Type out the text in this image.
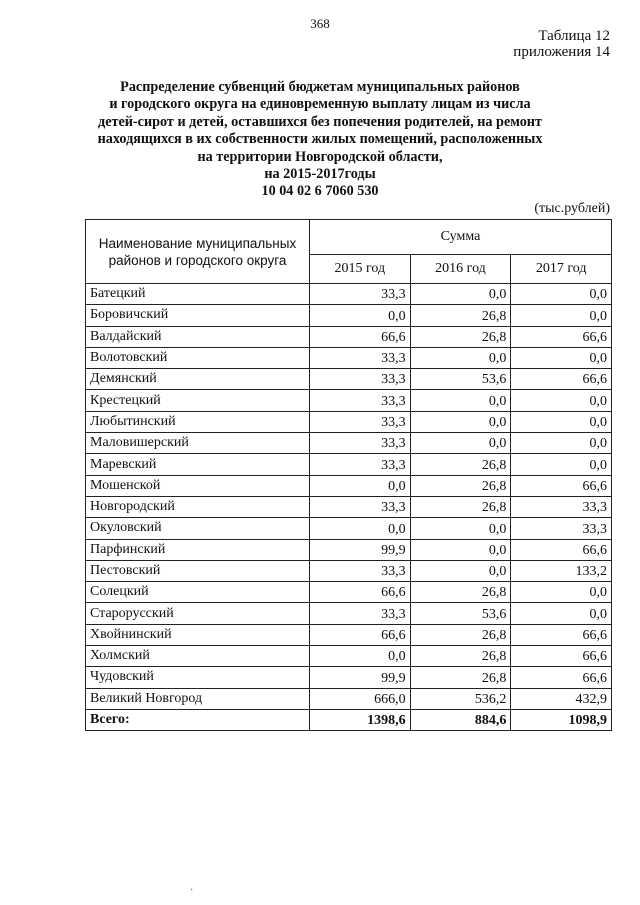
368
Таблица 12
приложения 14
Распределение субвенций бюджетам муниципальных районов
и городского округа на единовременную выплату лицам из числа
детей-сирот и детей, оставшихся без попечения родителей, на ремонт
находящихся в их собственности жилых помещений, расположенных
на территории Новгородской области,
на 2015-2017годы
10 04 02 6 7060 530
(тыс.рублей)
Наименование муниципальных районов и городского округа	Сумма		
	2015 год	2016 год	2017 год
Батецкий	33,3	0,0	0,0
Боровичский	0,0	26,8	0,0
Валдайский	66,6	26,8	66,6
Волотовский	33,3	0,0	0,0
Демянский	33,3	53,6	66,6
Крестецкий	33,3	0,0	0,0
Любытинский	33,3	0,0	0,0
Маловишерский	33,3	0,0	0,0
Маревский	33,3	26,8	0,0
Мошенской	0,0	26,8	66,6
Новгородский	33,3	26,8	33,3
Окуловский	0,0	0,0	33,3
Парфинский	99,9	0,0	66,6
Пестовский	33,3	0,0	133,2
Солецкий	66,6	26,8	0,0
Старорусский	33,3	53,6	0,0
Хвойнинский	66,6	26,8	66,6
Холмский	0,0	26,8	66,6
Чудовский	99,9	26,8	66,6
Великий Новгород	666,0	536,2	432,9
Всего:	1398,6	884,6	1098,9
·
